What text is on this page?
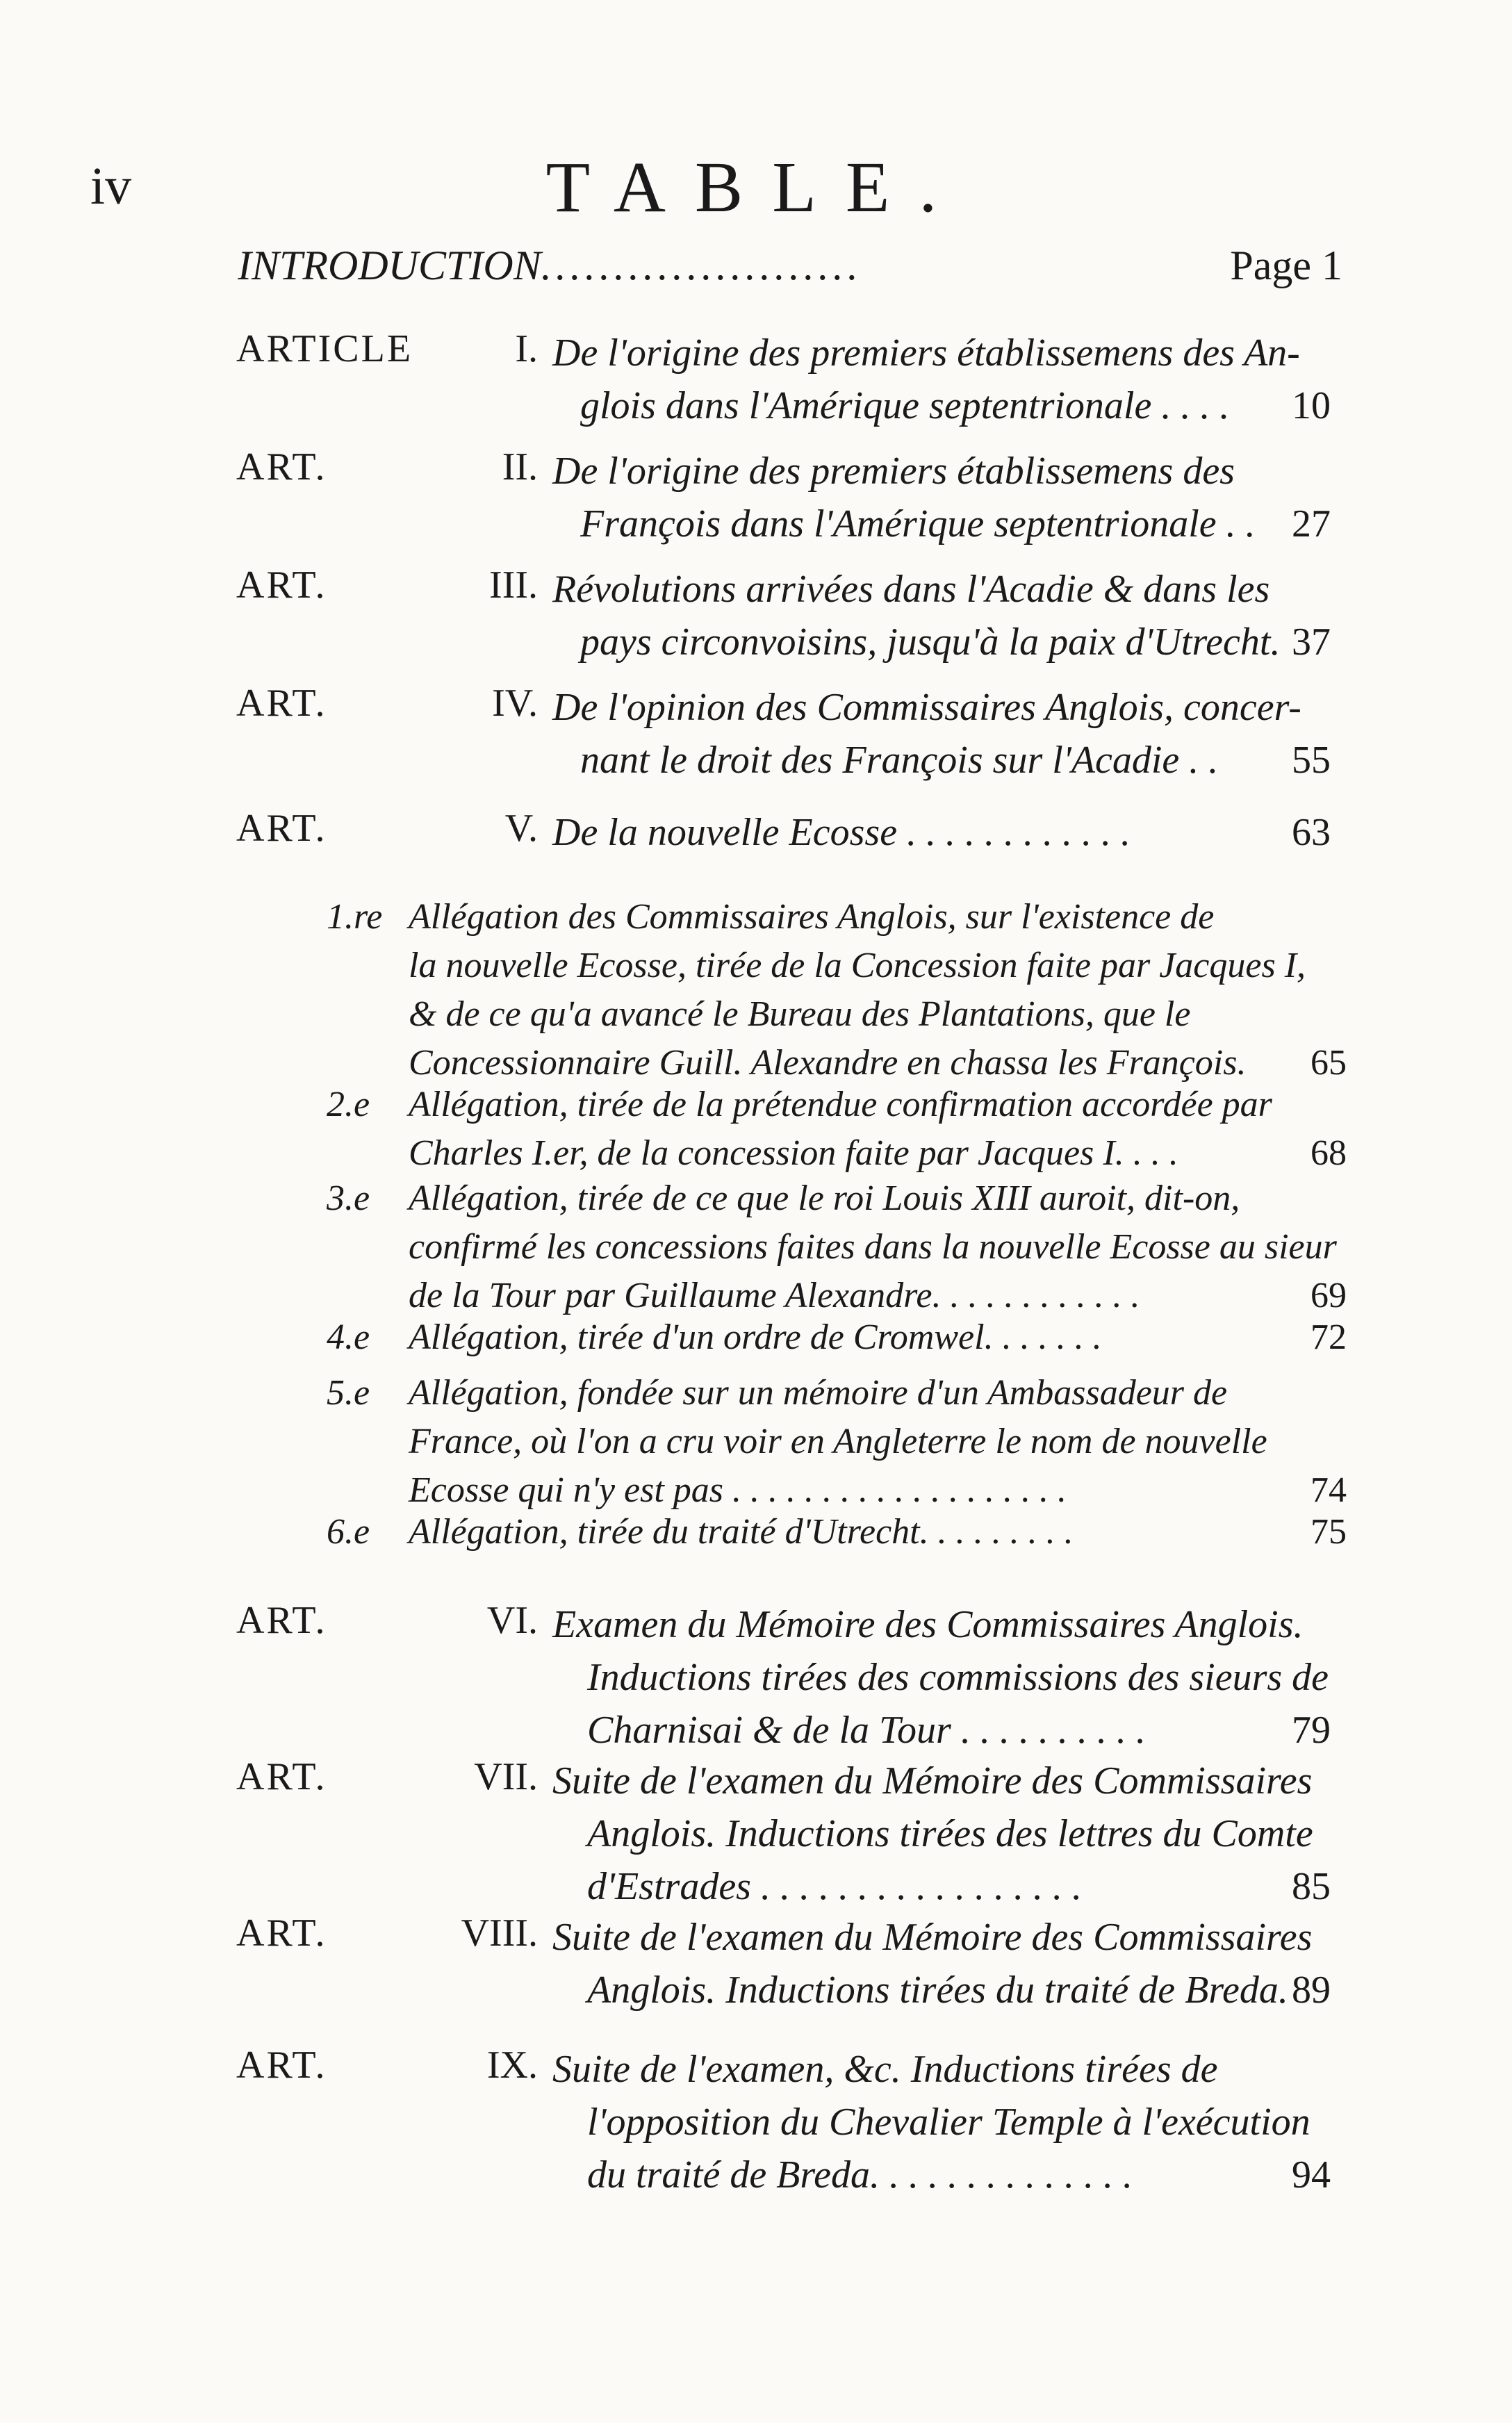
iv	TABLE.
INTRODUCTION......................	Page 1
ARTICLE	I. De l'origine des premiers établissemens des An-
glois dans l'Amérique septentrionale . . . .	10
ART.	II. De l'origine des premiers établissemens des
François dans l'Amérique septentrionale . . 27
ART.	III. Révolutions arrivées dans l'Acadie & dans les
pays circonvoisins, jusqu'à la paix d'Utrecht. 37
ART.	IV. De l'opinion des Commissaires Anglois, concer-
nant le droit des François sur l'Acadie . .	55
ART.	V. De la nouvelle Ecosse . . . . . . . . . . . .	63
1.re Allégation des Commissaires Anglois, sur l'existence de
la nouvelle Ecosse, tirée de la Concession faite par Jacques I,
& de ce qu'a avancé le Bureau des Plantations, que le
Concessionnaire Guill. Alexandre en chassa les François.	65
2.e Allégation, tirée de la prétendue confirmation accordée par
Charles I.er, de la concession faite par Jacques I. . . .	68
3.e Allégation, tirée de ce que le roi Louis XIII auroit, dit-on,
confirmé les concessions faites dans la nouvelle Ecosse au sieur
de la Tour par Guillaume Alexandre. . . . . . . . . . . .	69
4.e Allégation, tirée d'un ordre de Cromwel. . . . . . .	72
5.e Allégation, fondée sur un mémoire d'un Ambassadeur de
France, où l'on a cru voir en Angleterre le nom de nouvelle
Ecosse qui n'y est pas . . . . . . . . . . . . . . . . . . .	74
6.e Allégation, tirée du traité d'Utrecht. . . . . . . . .	75
ART.	VI. Examen du Mémoire des Commissaires Anglois.
Inductions tirées des commissions des sieurs de
Charnisai & de la Tour . . . . . . . . . .	79
ART.	VII. Suite de l'examen du Mémoire des Commissaires
Anglois. Inductions tirées des lettres du Comte
d'Estrades . . . . . . . . . . . . . . . . .	85
ART.	VIII. Suite de l'examen du Mémoire des Commissaires
Anglois. Inductions tirées du traité de Breda. 89
ART.	IX. Suite de l'examen, &c. Inductions tirées de
l'opposition du Chevalier Temple à l'exécution
du traité de Breda. . . . . . . . . . . . . .	94
